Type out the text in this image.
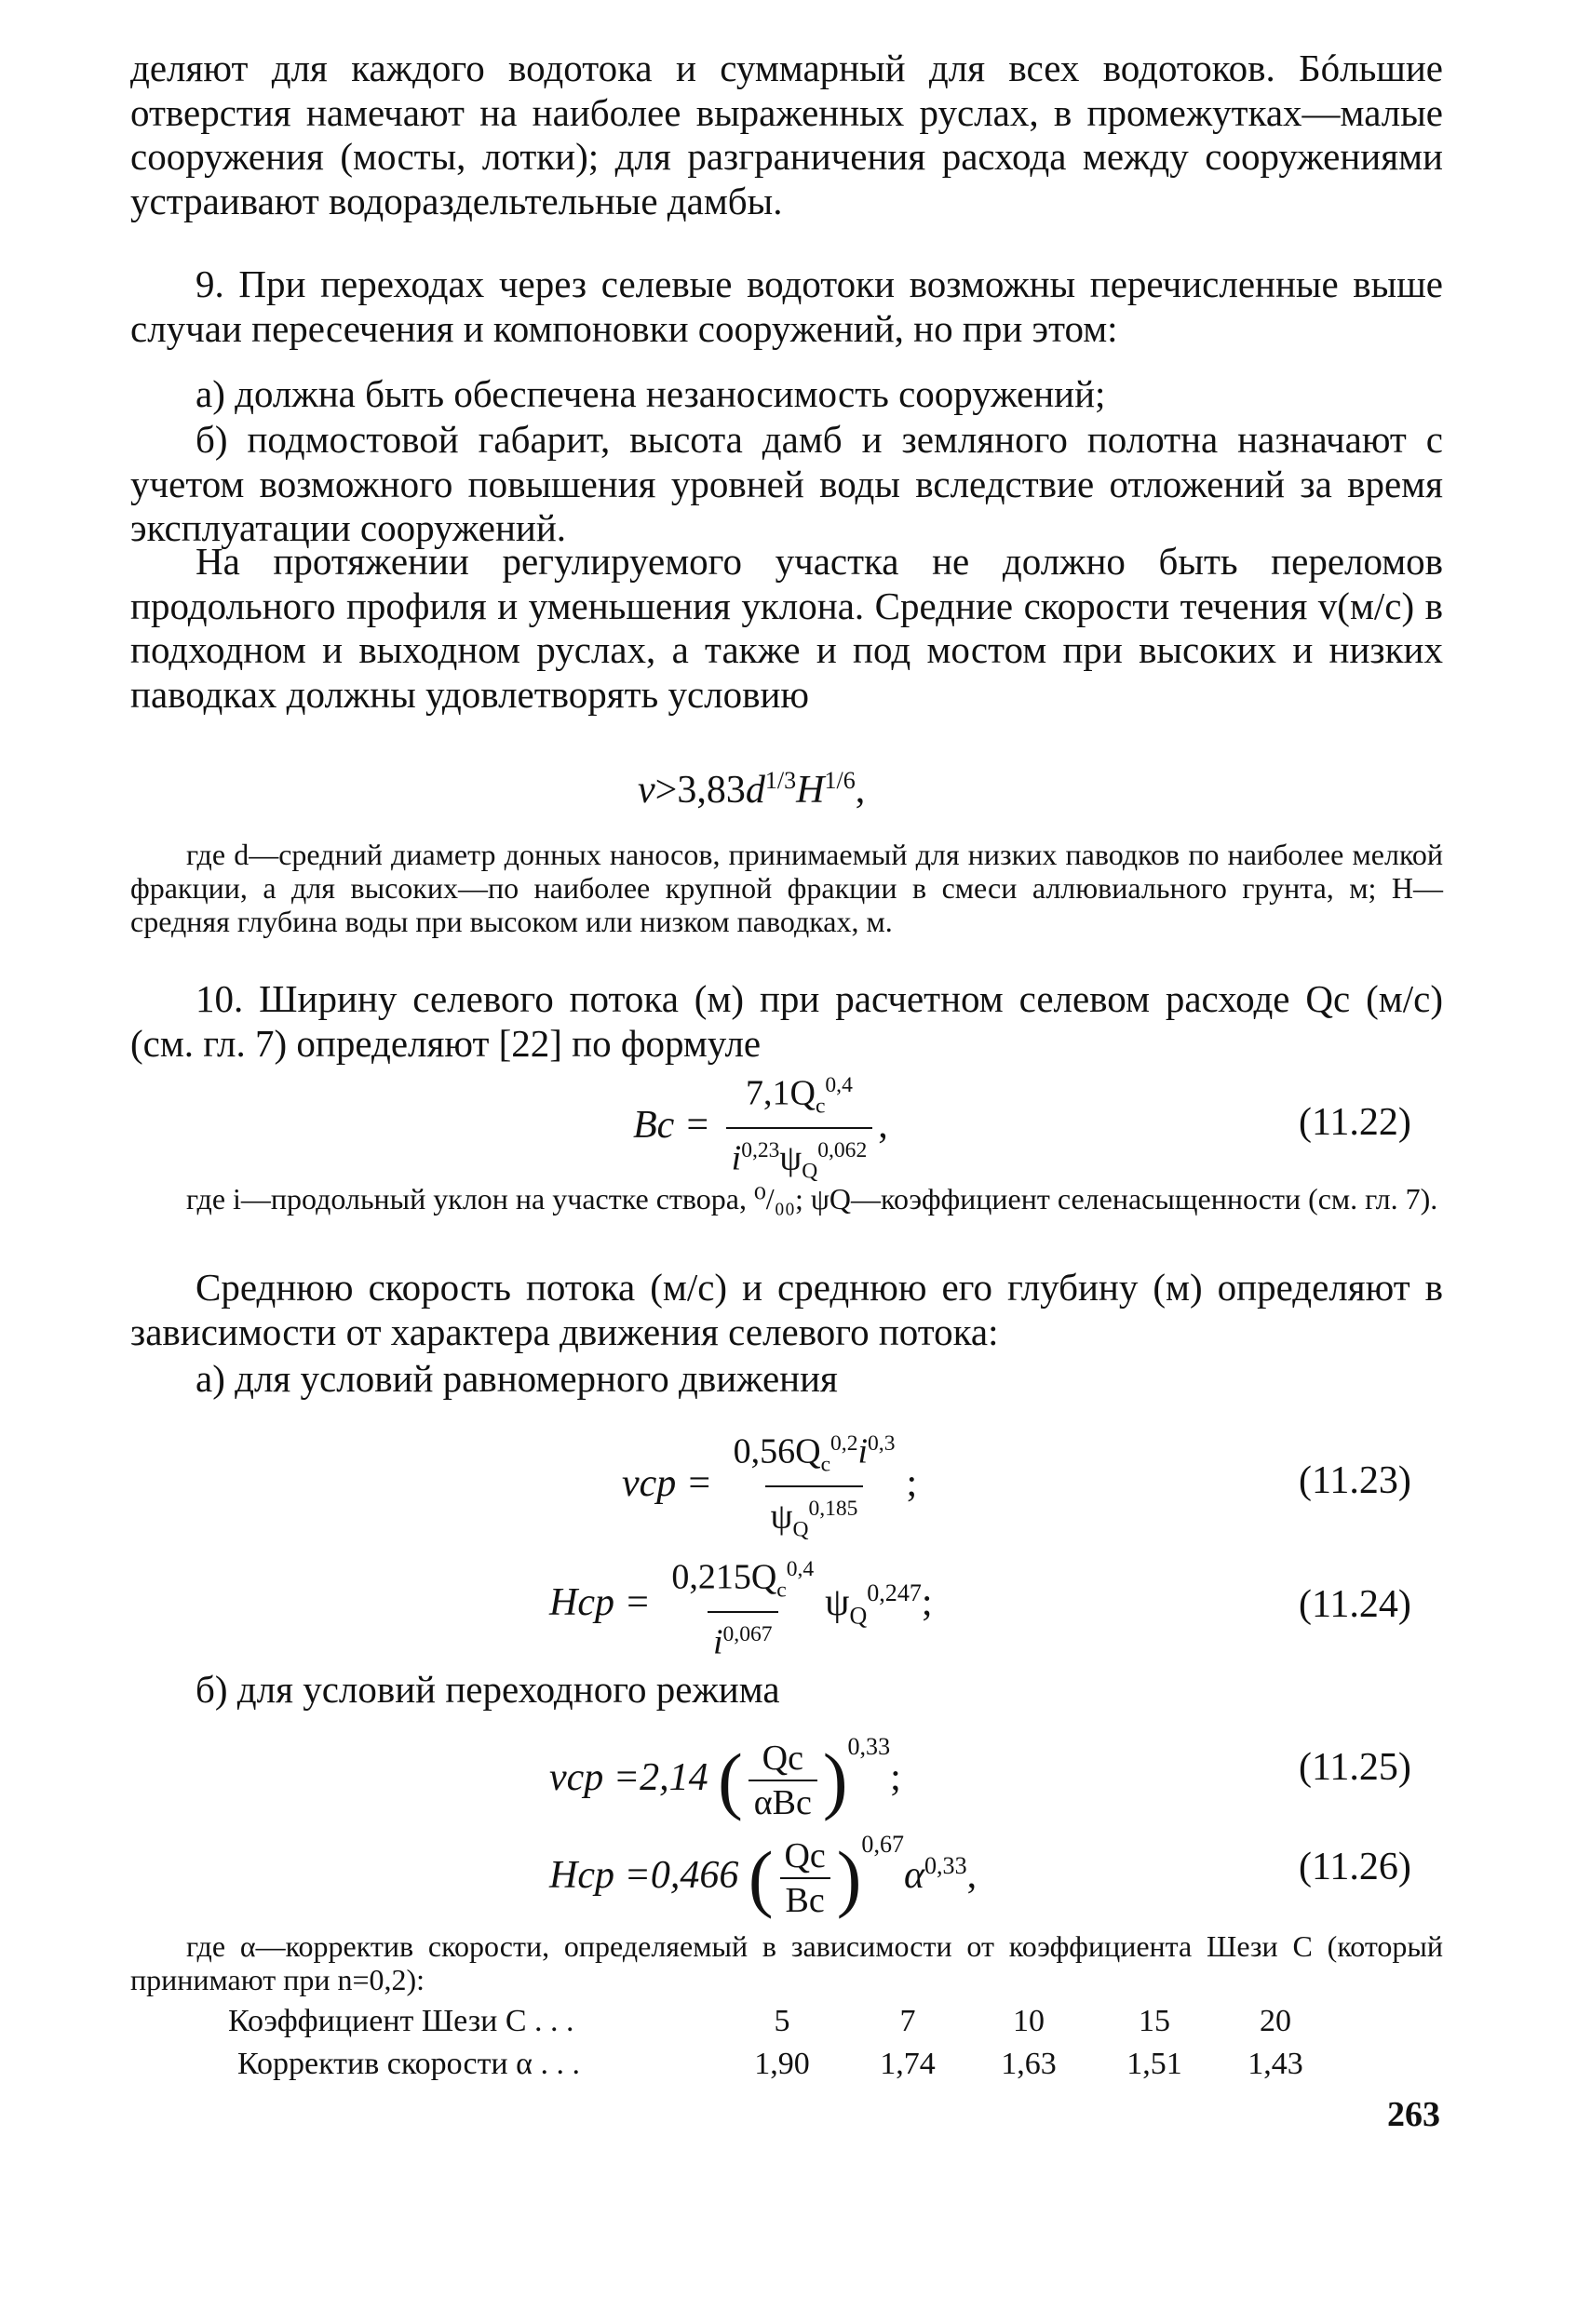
деляют для каждого водотока и суммарный для всех водотоков. Бóльшие отверстия намечают на наиболее выраженных руслах, в промежутках—малые сооружения (мосты, лотки); для разграничения расхода между сооружениями устраивают водораздельтельные дамбы.

9. При переходах через селевые водотоки возможны перечисленные выше случаи пересечения и компоновки сооружений, но при этом:

а) должна быть обеспечена незаносимость сооружений;

б) подмостовой габарит, высота дамб и земляного полотна назначают с учетом возможного повышения уровней воды вследствие отложений за время эксплуатации сооружений.

На протяжении регулируемого участка не должно быть переломов продольного профиля и уменьшения уклона. Средние скорости течения v(м/с) в подходном и выходном руслах, а также и под мостом при высоких и низких паводках должны удовлетворять условию

$v>3,83d^{1/3}H^{1/6}$,

где d—средний диаметр донных наносов, принимаемый для низких паводков по наиболее мелкой фракции, а для высоких—по наиболее крупной фракции в смеси аллювиального грунта, м; H—средняя глубина воды при высоком или низком паводках, м.

10. Ширину селевого потока (м) при расчетном селевом расходе Qс (м/с) (см. гл. 7) определяют [22] по формуле

Bс = $\frac{7,1Q_c^{0,4}}{i^{0,23}\psi_Q^{0,062}}$ ,	(11.22)

где i—продольный уклон на участке створа, ⁰/₀₀; ψQ—коэффициент селенасыщенности (см. гл. 7).

Среднюю скорость потока (м/с) и среднюю его глубину (м) определяют в зависимости от характера движения селевого потока:

а) для условий равномерного движения

vср = $\frac{0,56Q_c^{0,2}i^{0,3}}{\psi_Q^{0,185}}$ ;	(11.23)
Hср = $\frac{0,215Q_c^{0,4}}{i^{0,067}} \psi_Q^{0,247}$;	(11.24)

б) для условий переходного режима

vср =2,14 ( $\frac{Qc}{\text{αBc}} )^{0,33}$;	(11.25)
Hср =0,466 ( $\frac{Qc}{Bc} )^{0,67}\alpha^{0,33}$,	(11.26)

где α—корректив скорости, определяемый в зависимости от коэффициента Шези С (который принимают при n=0,2):

Коэффициент Шези C . . .	5	7	10	15	20
Корректив скорости α . . .	1,90	1,74	1,63	1,51	1,43
263
